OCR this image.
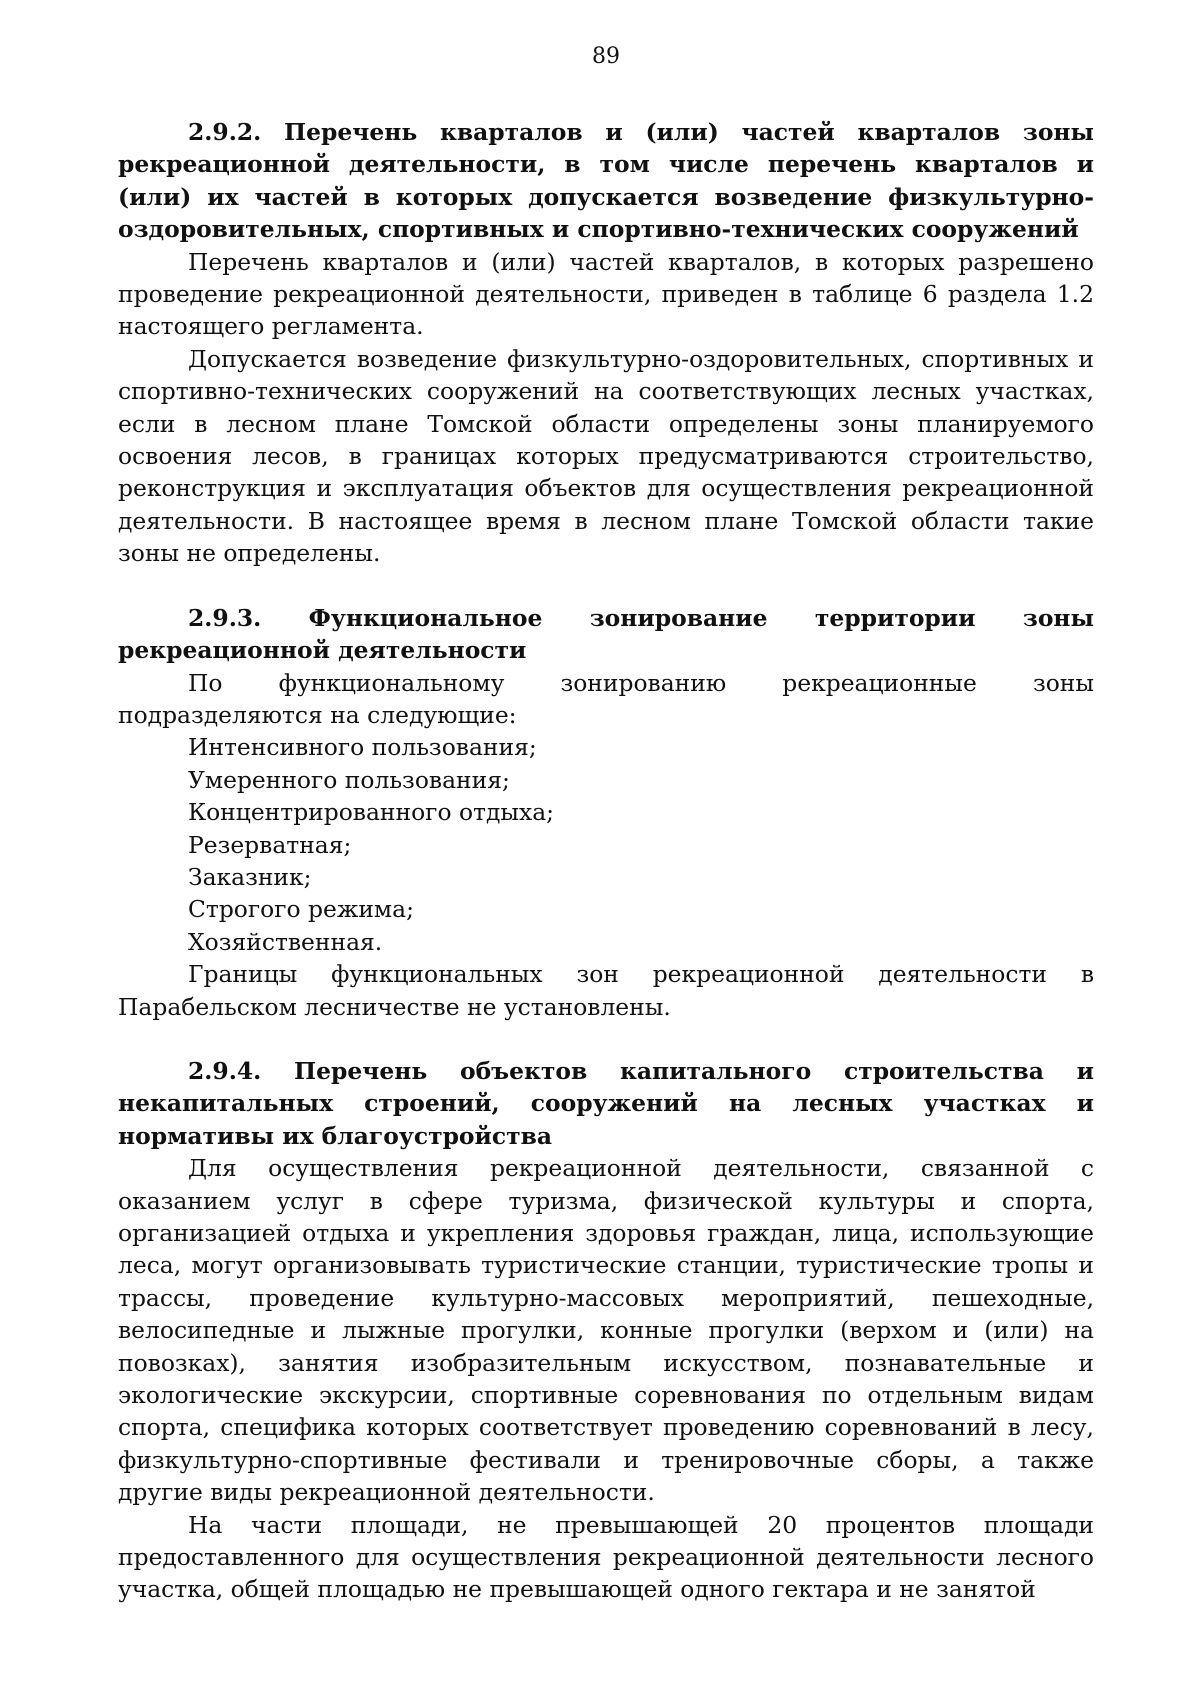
89

2.9.2. Перечень кварталов и (или) частей кварталов зоны рекреационной деятельности, в том числе перечень кварталов и (или) их частей в которых допускается возведение физкультурно-оздоровительных, спортивных и спортивно-технических сооружений

Перечень кварталов и (или) частей кварталов, в которых разрешено проведение рекреационной деятельности, приведен в таблице 6 раздела 1.2 настоящего регламента.

Допускается возведение физкультурно-оздоровительных, спортивных и спортивно-технических сооружений на соответствующих лесных участках, если в лесном плане Томской области определены зоны планируемого освоения лесов, в границах которых предусматриваются строительство, реконструкция и эксплуатация объектов для осуществления рекреационной деятельности. В настоящее время в лесном плане Томской области такие зоны не определены.

2.9.3. Функциональное зонирование территории зоны рекреационной деятельности

По функциональному зонированию рекреационные зоны подразделяются на следующие:

Интенсивного пользования;

Умеренного пользования;

Концентрированного отдыха;

Резерватная;

Заказник;

Строгого режима;

Хозяйственная.

Границы функциональных зон рекреационной деятельности в Парабельском лесничестве не установлены.

2.9.4. Перечень объектов капитального строительства и некапитальных строений, сооружений на лесных участках и нормативы их благоустройства

Для осуществления рекреационной деятельности, связанной с оказанием услуг в сфере туризма, физической культуры и спорта, организацией отдыха и укрепления здоровья граждан, лица, использующие леса, могут организовывать туристические станции, туристические тропы и трассы, проведение культурно-массовых мероприятий, пешеходные, велосипедные и лыжные прогулки, конные прогулки (верхом и (или) на повозках), занятия изобразительным искусством, познавательные и экологические экскурсии, спортивные соревнования по отдельным видам спорта, специфика которых соответствует проведению соревнований в лесу, физкультурно-спортивные фестивали и тренировочные сборы, а также другие виды рекреационной деятельности.

На части площади, не превышающей 20 процентов площади предоставленного для осуществления рекреационной деятельности лесного участка, общей площадью не превышающей одного гектара и не занятой
